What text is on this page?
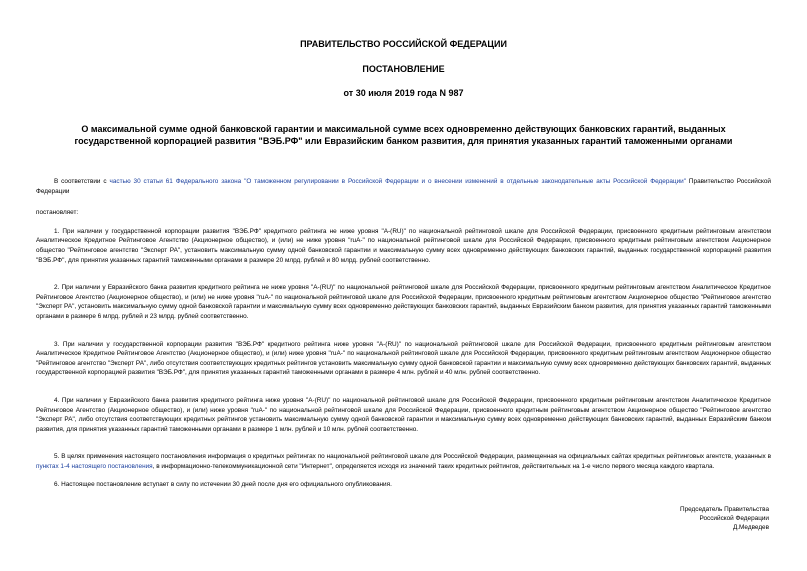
ПРАВИТЕЛЬСТВО РОССИЙСКОЙ ФЕДЕРАЦИИ
ПОСТАНОВЛЕНИЕ
от 30 июля 2019 года N 987
О максимальной сумме одной банковской гарантии и максимальной сумме всех одновременно действующих банковских гарантий, выданных государственной корпорацией развития "ВЭБ.РФ" или Евразийским банком развития, для принятия указанных гарантий таможенными органами

В соответствии с частью 30 статьи 61 Федерального закона "О таможенном регулировании в Российской Федерации и о внесении изменений в отдельные законодательные акты Российской Федерации" Правительство Российской Федерации

постановляет:

1. При наличии у государственной корпорации развития "ВЭБ.РФ" кредитного рейтинга не ниже уровня "A-(RU)" по национальной рейтинговой шкале для Российской Федерации, присвоенного кредитным рейтинговым агентством Аналитическое Кредитное Рейтинговое Агентство (Акционерное общество), и (или) не ниже уровня "ruA-" по национальной рейтинговой шкале для Российской Федерации, присвоенного кредитным рейтинговым агентством Акционерное общество "Рейтинговое агентство "Эксперт РА", установить максимальную сумму одной банковской гарантии и максимальную сумму всех одновременно действующих банковских гарантий, выданных государственной корпорацией развития "ВЭБ.РФ", для принятия указанных гарантий таможенными органами в размере 20 млрд. рублей и 80 млрд. рублей соответственно.

2. При наличии у Евразийского банка развития кредитного рейтинга не ниже уровня "A-(RU)" по национальной рейтинговой шкале для Российской Федерации, присвоенного кредитным рейтинговым агентством Аналитическое Кредитное Рейтинговое Агентство (Акционерное общество), и (или) не ниже уровня "ruA-" по национальной рейтинговой шкале для Российской Федерации, присвоенного кредитным рейтинговым агентством Акционерное общество "Рейтинговое агентство "Эксперт РА", установить максимальную сумму одной банковской гарантии и максимальную сумму всех одновременно действующих банковских гарантий, выданных Евразийским банком развития, для принятия указанных гарантий таможенными органами в размере 6 млрд. рублей и 23 млрд. рублей соответственно.

3. При наличии у государственной корпорации развития "ВЭБ.РФ" кредитного рейтинга ниже уровня "A-(RU)" по национальной рейтинговой шкале для Российской Федерации, присвоенного кредитным рейтинговым агентством Аналитическое Кредитное Рейтинговое Агентство (Акционерное общество), и (или) ниже уровня "ruA-" по национальной рейтинговой шкале для Российской Федерации, присвоенного кредитным рейтинговым агентством Акционерное общество "Рейтинговое агентство "Эксперт РА", либо отсутствия соответствующих кредитных рейтингов установить максимальную сумму одной банковской гарантии и максимальную сумму всех одновременно действующих банковских гарантий, выданных государственной корпорацией развития "ВЭБ.РФ", для принятия указанных гарантий таможенными органами в размере 4 млн. рублей и 40 млн. рублей соответственно.

4. При наличии у Евразийского банка развития кредитного рейтинга ниже уровня "A-(RU)" по национальной рейтинговой шкале для Российской Федерации, присвоенного кредитным рейтинговым агентством Аналитическое Кредитное Рейтинговое Агентство (Акционерное общество), и (или) ниже уровня "ruA-" по национальной рейтинговой шкале для Российской Федерации, присвоенного кредитным рейтинговым агентством Акционерное общество "Рейтинговое агентство "Эксперт РА", либо отсутствия соответствующих кредитных рейтингов установить максимальную сумму одной банковской гарантии и максимальную сумму всех одновременно действующих банковских гарантий, выданных Евразийским банком развития, для принятия указанных гарантий таможенными органами в размере 1 млн. рублей и 10 млн. рублей соответственно.

5. В целях применения настоящего постановления информация о кредитных рейтингах по национальной рейтинговой шкале для Российской Федерации, размещенная на официальных сайтах кредитных рейтинговых агентств, указанных в пунктах 1-4 настоящего постановления, в информационно-телекоммуникационной сети "Интернет", определяется исходя из значений таких кредитных рейтингов, действительных на 1-е число первого месяца каждого квартала.

6. Настоящее постановление вступает в силу по истечении 30 дней после дня его официального опубликования.

Председатель Правительства
Российской Федерации
Д.Медведев
